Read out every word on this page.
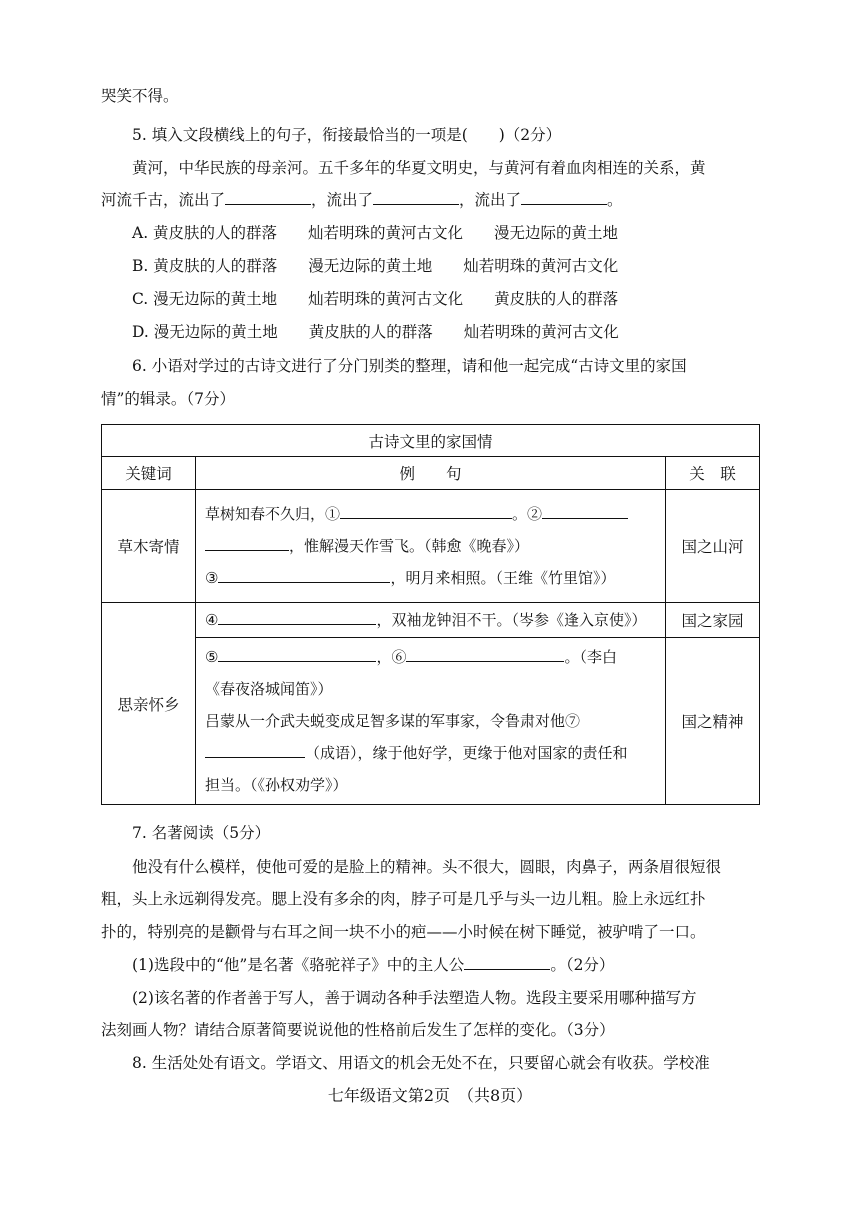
哭笑不得。
5. 填入文段横线上的句子，衔接最恰当的一项是(　　)（2分）
黄河，中华民族的母亲河。五千多年的华夏文明史，与黄河有着血肉相连的关系，黄
河流千古，流出了	，流出了	，流出了	。
A. 黄皮肤的人的群落　　灿若明珠的黄河古文化　　漫无边际的黄土地
B. 黄皮肤的人的群落　　漫无边际的黄土地　　灿若明珠的黄河古文化
C. 漫无边际的黄土地　　灿若明珠的黄河古文化　　黄皮肤的人的群落
D. 漫无边际的黄土地　　黄皮肤的人的群落　　灿若明珠的黄河古文化
6. 小语对学过的古诗文进行了分门别类的整理，请和他一起完成“古诗文里的家国
情”的辑录。（7分）
古诗文里的家国情		
关键词	例　　句	关　联
草木寄情	草树知春不久归，① 。②
，惟解漫天作雪飞。（韩愈《晚春》）
③ ，明月来相照。（王维《竹里馆》）	国之山河
思亲怀乡	④ ，双袖龙钟泪不干。（岑参《逢入京使》）	国之家园

	⑤ ，⑥ 。（李白
《春夜洛城闻笛》）
吕蒙从一介武夫蜕变成足智多谋的军事家，令鲁肃对他⑦
（成语），缘于他好学，更缘于他对国家的责任和
担当。（《孙权劝学》）	国之精神
7. 名著阅读（5分）
他没有什么模样，使他可爱的是脸上的精神。头不很大，圆眼，肉鼻子，两条眉很短很
粗，头上永远剃得发亮。腮上没有多余的肉，脖子可是几乎与头一边儿粗。脸上永远红扑
扑的，特别亮的是颧骨与右耳之间一块不小的疤——小时候在树下睡觉，被驴啃了一口。
(1)选段中的“他”是名著《骆驼祥子》中的主人公	。（2分）
(2)该名著的作者善于写人，善于调动各种手法塑造人物。选段主要采用哪种描写方
法刻画人物？请结合原著简要说说他的性格前后发生了怎样的变化。（3分）
8. 生活处处有语文。学语文、用语文的机会无处不在，只要留心就会有收获。学校准
七年级语文第2页　（共8页）
